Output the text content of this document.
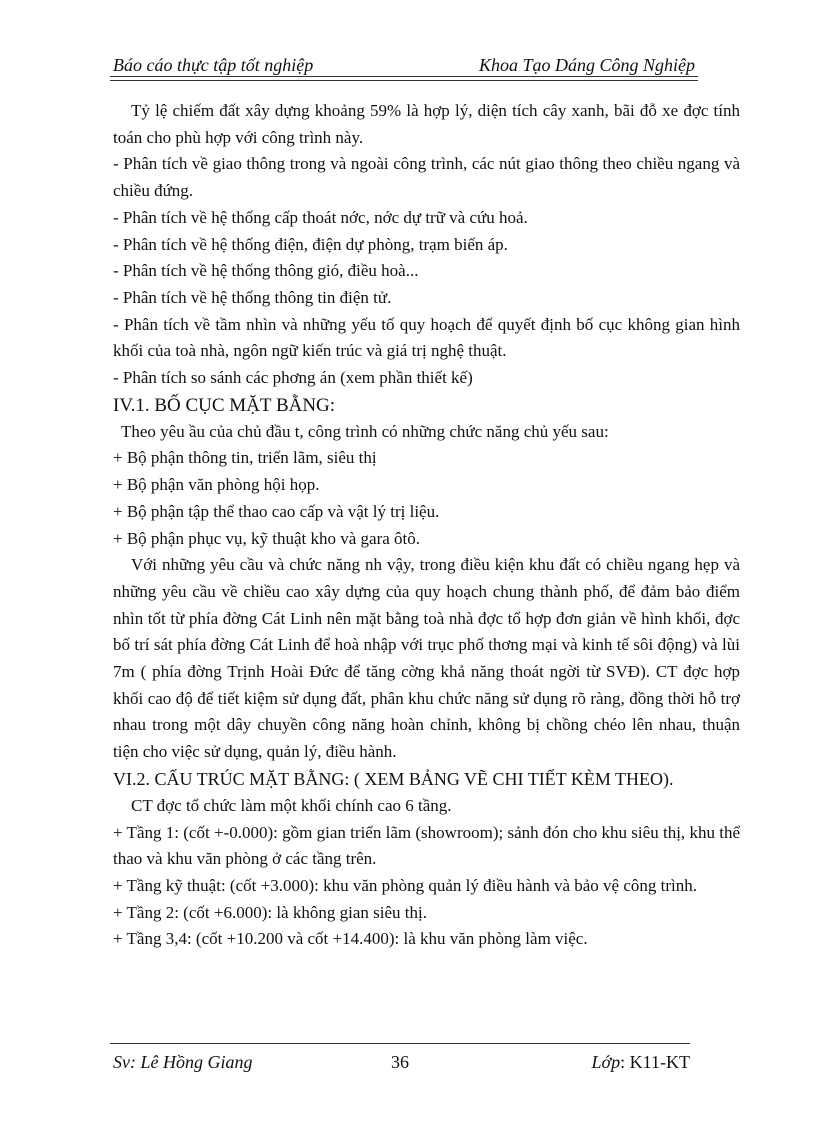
Báo cáo thực tập tốt nghiệp	Khoa Tạo Dáng Công Nghiệp

Tỷ lệ chiếm đất xây dựng khoảng 59% là hợp lý, diện tích cây xanh, bãi đỗ xe đợc tính toán cho phù hợp với công trình này.

- Phân tích về giao thông trong và ngoài công trình, các nút giao thông theo chiều ngang và chiều đứng.

- Phân tích về hệ thống cấp thoát nớc, nớc dự trữ và cứu hoả.

- Phân tích về hệ thống điện, điện dự phòng, trạm biến áp.

- Phân tích về hệ thống thông gió, điều hoà...

- Phân tích về hệ thống thông tin điện tử.

- Phân tích về tầm nhìn và những yếu tố quy hoạch để quyết định bố cục không gian hình khối của toà nhà, ngôn ngữ kiến trúc và giá trị nghệ thuật.

- Phân tích so sánh các phơng án (xem phần thiết kế)

IV.1. BỐ CỤC MẶT BẰNG:

Theo yêu ầu của chủ đầu t, công trình có những chức năng chủ yếu sau:

+ Bộ phận thông tin, triển lãm, siêu thị

+ Bộ phận văn phòng hội họp.

+ Bộ phận tập thể thao cao cấp và vật lý trị liệu.

+ Bộ phận phục vụ, kỹ thuật kho và gara ôtô.

Với những yêu cầu và chức năng nh vậy, trong điều kiện khu đất có chiều ngang hẹp và những yêu cầu về chiều cao xây dựng của quy hoạch chung thành phố, để đảm bảo điểm nhìn tốt từ phía đờng Cát Linh nên mặt bằng toà nhà đợc tổ hợp đơn giản về hình khối, đợc bố trí sát phía đờng Cát Linh để hoà nhập với trục phố thơng mại và kinh tế sôi động) và lùi 7m ( phía đờng Trịnh Hoài Đức để tăng cờng khả năng thoát ngời từ SVĐ). CT đợc hợp khối cao độ để tiết kiệm sử dụng đất, phân khu chức năng sử dụng rõ ràng, đồng thời hỗ trợ nhau trong một dây chuyền công năng hoàn chỉnh, không bị chồng chéo lên nhau, thuận tiện cho việc sử dụng, quản lý, điều hành.

VI.2. CẤU TRÚC MẶT BẰNG: ( XEM BẢNG VẼ CHI TIẾT KÈM THEO).

CT đợc tổ chức làm một khối chính cao 6 tầng.

+ Tầng 1: (cốt +-0.000): gồm gian triển lãm (showroom); sảnh đón cho khu siêu thị, khu thể thao và khu văn phòng ở các tầng trên.

+ Tầng kỹ thuật: (cốt +3.000): khu văn phòng quản lý điều hành và bảo vệ công trình.

+ Tầng 2: (cốt +6.000): là không gian siêu thị.

+ Tầng 3,4: (cốt +10.200 và cốt +14.400): là khu văn phòng làm việc.

Sv: Lê Hồng Giang	36	Lớp: K11-KT
